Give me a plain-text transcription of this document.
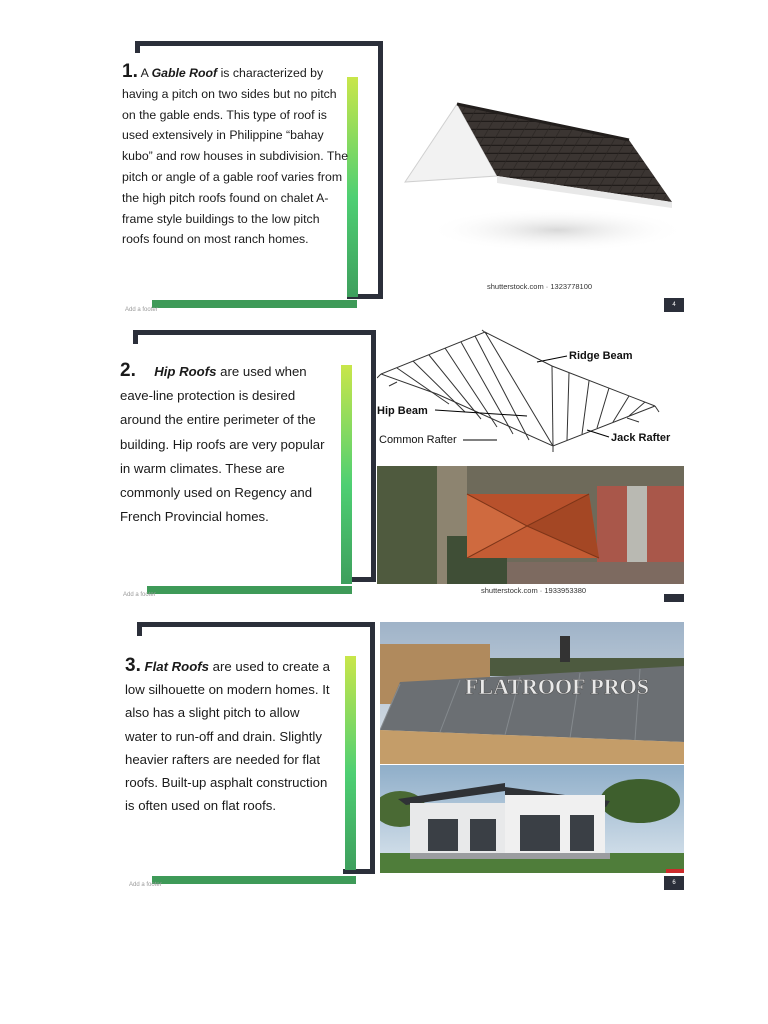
1. A Gable Roof is characterized by having a pitch on two sides but no pitch on the gable ends. This type of roof is used extensively in Philippine “bahay kubo” and row houses in subdivision. The pitch or angle of a gable roof varies from the high pitch roofs found on chalet A-frame style buildings to the low pitch roofs found on most ranch homes.
shutterstock.com · 1323778100
Add a footer
4
2. Hip Roofs are used when eave-line protection is desired around the entire perimeter of the building. Hip roofs are very popular in warm climates. These are commonly used on Regency and French Provincial homes.
Ridge Beam
Hip Beam
Common Rafter	Jack Rafter
shutterstock.com · 1933953380
Add a footer
3. Flat Roofs are used to create a low silhouette on modern homes. It also has a slight pitch to allow water to run-off and drain. Slightly heavier rafters are needed for flat roofs. Built-up asphalt construction is often used on flat roofs.
FLATROOF PROS
Add a footer	6
